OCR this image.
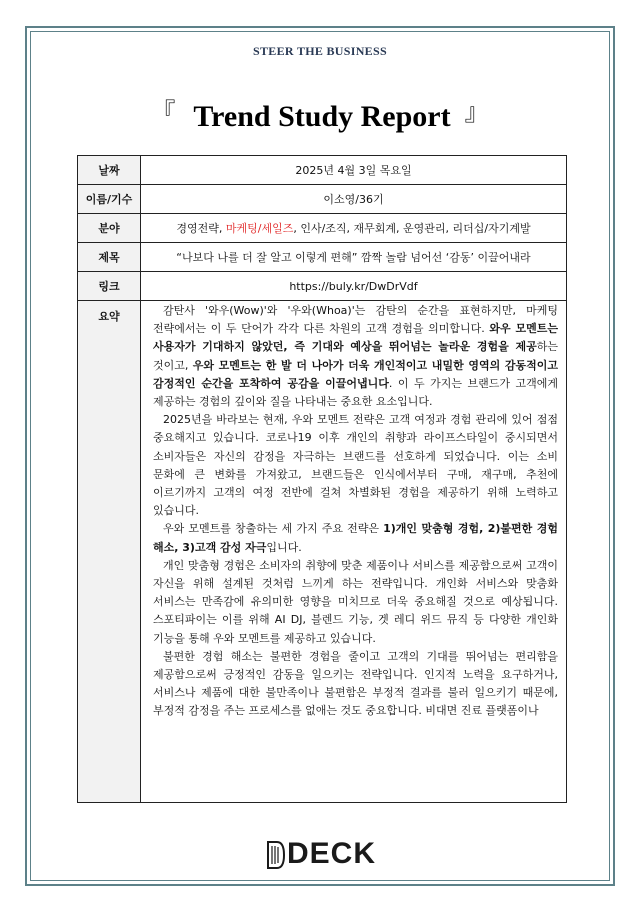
STEER THE BUSINESS
『 Trend Study Report 』
날짜	2025년 4월 3일 목요일
이름/기수	이소영/36기
분야	경영전략, 마케팅/세일즈, 인사/조직, 재무회계, 운영관리, 리더십/자기계발
제목	“나보다 나를 더 잘 알고 이렇게 편해” 깜짝 놀람 넘어선 ‘감동’ 이끌어내라
링크	https://buly.kr/DwDrVdf
요약	감탄사 '와우(Wow)'와 '우와(Whoa)'는 감탄의 순간을 표현하지만, 마케팅 전략에서는 이 두 단어가 각각 다른 차원의 고객 경험을 의미합니다. 와우 모멘트는 사용자가 기대하지 않았던, 즉 기대와 예상을 뛰어넘는 놀라운 경험을 제공하는 것이고, 우와 모멘트는 한 발 더 나아가 더욱 개인적이고 내밀한 영역의 감동적이고 감정적인 순간을 포착하여 공감을 이끌어냅니다. 이 두 가지는 브랜드가 고객에게 제공하는 경험의 깊이와 질을 나타내는 중요한 요소입니다.

2025년을 바라보는 현재, 우와 모멘트 전략은 고객 여정과 경험 관리에 있어 점점 중요해지고 있습니다. 코로나19 이후 개인의 취향과 라이프스타일이 중시되면서 소비자들은 자신의 감정을 자극하는 브랜드를 선호하게 되었습니다. 이는 소비 문화에 큰 변화를 가져왔고, 브랜드들은 인식에서부터 구매, 재구매, 추천에 이르기까지 고객의 여정 전반에 걸쳐 차별화된 경험을 제공하기 위해 노력하고 있습니다.

우와 모멘트를 창출하는 세 가지 주요 전략은 1)개인 맞춤형 경험, 2)불편한 경험 해소, 3)고객 감성 자극입니다.

개인 맞춤형 경험은 소비자의 취향에 맞춘 제품이나 서비스를 제공함으로써 고객이 자신을 위해 설계된 것처럼 느끼게 하는 전략입니다. 개인화 서비스와 맞춤화 서비스는 만족감에 유의미한 영향을 미치므로 더욱 중요해질 것으로 예상됩니다. 스포티파이는 이를 위해 AI DJ, 블렌드 기능, 겟 레디 위드 뮤직 등 다양한 개인화 기능을 통해 우와 모멘트를 제공하고 있습니다.

불편한 경험 해소는 불편한 경험을 줄이고 고객의 기대를 뛰어넘는 편리함을 제공함으로써 긍정적인 감동을 일으키는 전략입니다. 인지적 노력을 요구하거나, 서비스나 제품에 대한 불만족이나 불편함은 부정적 결과를 불러 일으키기 때문에, 부정적 감정을 주는 프로세스를 없애는 것도 중요합니다. 비대면 진료 플랫폼이나

DECK
